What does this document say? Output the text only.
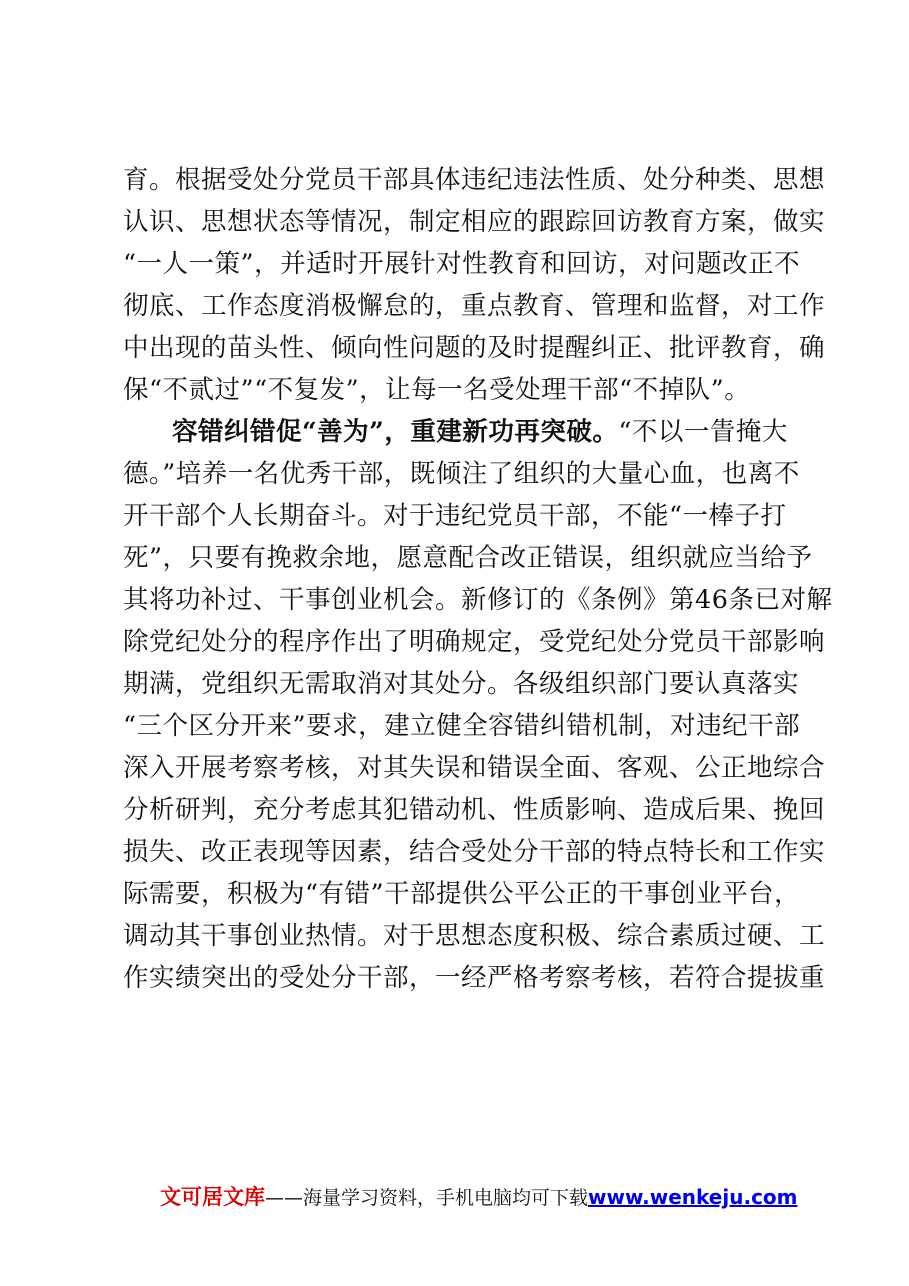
育。根据受处分党员干部具体违纪违法性质、处分种类、思想
认识、思想状态等情况，制定相应的跟踪回访教育方案，做实
“一人一策”，并适时开展针对性教育和回访，对问题改正不
彻底、工作态度消极懈怠的，重点教育、管理和监督，对工作
中出现的苗头性、倾向性问题的及时提醒纠正、批评教育，确
保“不贰过”“不复发”，让每一名受处理干部“不掉队”。
容错纠错促“善为”，重建新功再突破。“不以一眚掩大
德。”培养一名优秀干部，既倾注了组织的大量心血，也离不
开干部个人长期奋斗。对于违纪党员干部，不能“一棒子打
死”，只要有挽救余地，愿意配合改正错误，组织就应当给予
其将功补过、干事创业机会。新修订的《条例》第46条已对解
除党纪处分的程序作出了明确规定，受党纪处分党员干部影响
期满，党组织无需取消对其处分。各级组织部门要认真落实
“三个区分开来”要求，建立健全容错纠错机制，对违纪干部
深入开展考察考核，对其失误和错误全面、客观、公正地综合
分析研判，充分考虑其犯错动机、性质影响、造成后果、挽回
损失、改正表现等因素，结合受处分干部的特点特长和工作实
际需要，积极为“有错”干部提供公平公正的干事创业平台，
调动其干事创业热情。对于思想态度积极、综合素质过硬、工
作实绩突出的受处分干部，一经严格考察考核，若符合提拔重
文可居文库——海量学习资料，手机电脑均可下载www.wenkeju.com
